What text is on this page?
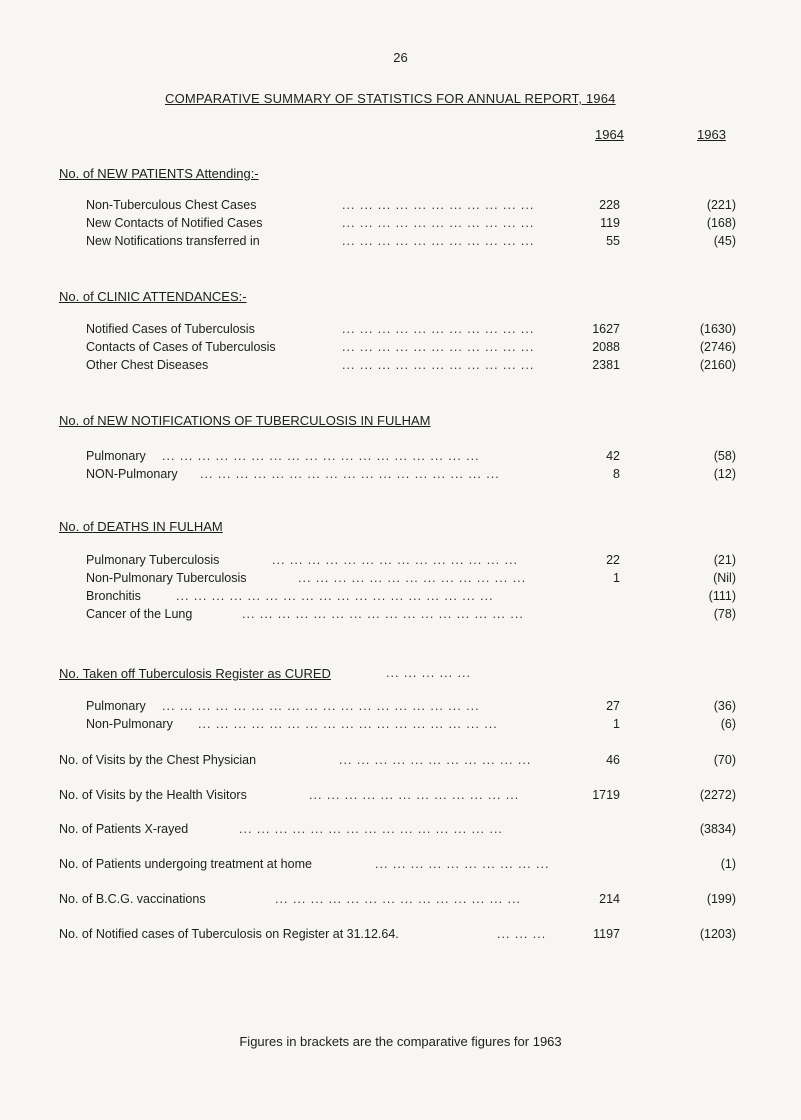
26
COMPARATIVE SUMMARY OF STATISTICS FOR ANNUAL REPORT, 1964
1964	1963
No. of NEW PATIENTS Attending:-
Non-Tuberculous Chest Cases	... ... ... ... ... ... ... ... ... ... ...	228	(221)
New Contacts of Notified Cases	... ... ... ... ... ... ... ... ... ... ...	119	(168)
New Notifications transferred in	... ... ... ... ... ... ... ... ... ... ...	55	(45)
No. of CLINIC ATTENDANCES:-
Notified Cases of Tuberculosis	... ... ... ... ... ... ... ... ... ... ...	1627	(1630)
Contacts of Cases of Tuberculosis	... ... ... ... ... ... ... ... ... ... ...	2088	(2746)
Other Chest Diseases	... ... ... ... ... ... ... ... ... ... ...	2381	(2160)
No. of NEW NOTIFICATIONS OF TUBERCULOSIS IN FULHAM
Pulmonary ... ... ... ... ... ... ... ... ... ... ... ... ... ... ... ... ... ...	42	(58)
NON-Pulmonary ... ... ... ... ... ... ... ... ... ... ... ... ... ... ... ... ...	8	(12)
No. of DEATHS IN FULHAM
Pulmonary Tuberculosis	... ... ... ... ... ... ... ... ... ... ... ... ... ...	22	(21)
Non-Pulmonary Tuberculosis	... ... ... ... ... ... ... ... ... ... ... ... ...	1	(Nil)
Bronchitis	... ... ... ... ... ... ... ... ... ... ... ... ... ... ... ... ... ...	(111)
Cancer of the Lung	... ... ... ... ... ... ... ... ... ... ... ... ... ... ... ...	(78)
No. Taken off Tuberculosis Register as CURED	... ... ... ... ...
Pulmonary ... ... ... ... ... ... ... ... ... ... ... ... ... ... ... ... ... ...	27	(36)
Non-Pulmonary ... ... ... ... ... ... ... ... ... ... ... ... ... ... ... ... ...	1	(6)
No. of Visits by the Chest Physician	... ... ... ... ... ... ... ... ... ... ...	46	(70)
No. of Visits by the Health Visitors	... ... ... ... ... ... ... ... ... ... ... ...	1719	(2272)
No. of Patients X-rayed	... ... ... ... ... ... ... ... ... ... ... ... ... ... ...	(3834)
No. of Patients undergoing treatment at home	... ... ... ... ... ... ... ... ... ...	(1)
No. of B.C.G. vaccinations	... ... ... ... ... ... ... ... ... ... ... ... ... ...	214	(199)
No. of Notified cases of Tuberculosis on Register at 31.12.64.	... ... ...	1197	(1203)
Figures in brackets are the comparative figures for 1963
